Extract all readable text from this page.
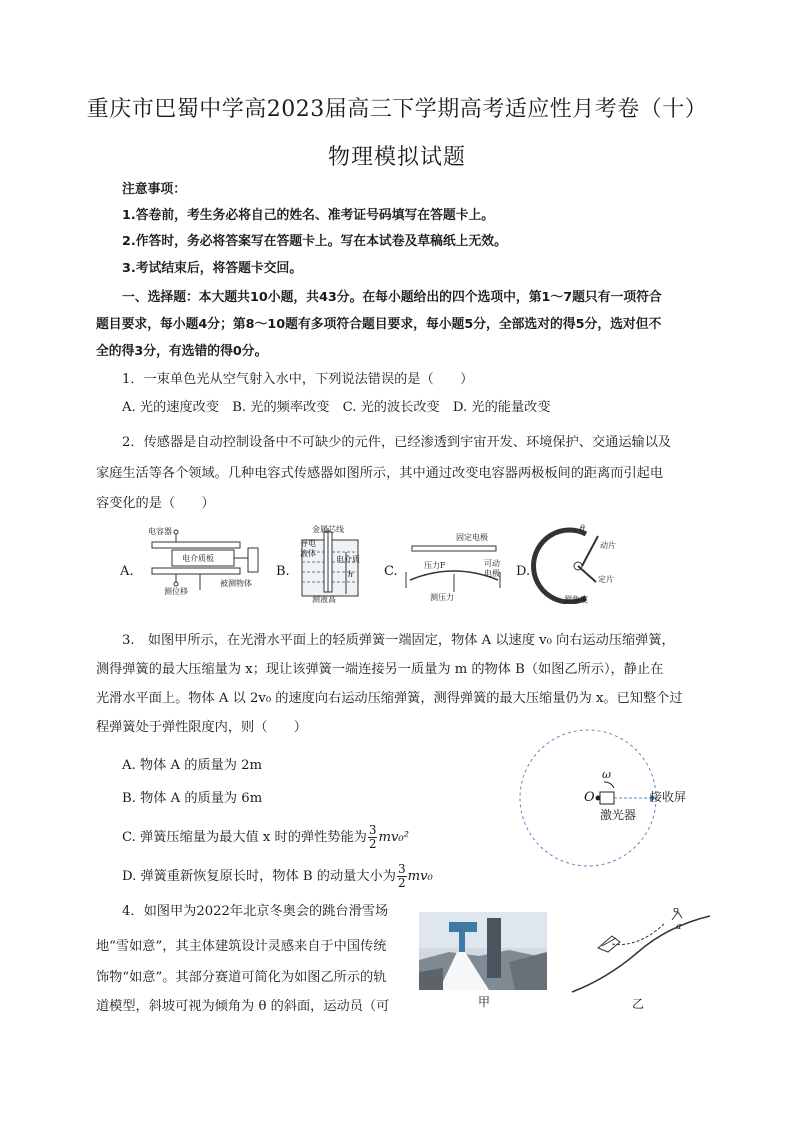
重庆市巴蜀中学高2023届高三下学期高考适应性月考卷（十）
物理模拟试题
注意事项：
1.答卷前，考生务必将自己的姓名、准考证号码填写在答题卡上。
2.作答时，务必将答案写在答题卡上。写在本试卷及草稿纸上无效。
3.考试结束后，将答题卡交回。
一、选择题：本大题共10小题，共43分。在每小题给出的四个选项中，第1～7题只有一项符合
题目要求，每小题4分；第8～10题有多项符合题目要求，每小题5分，全部选对的得5分，选对但不
全的得3分，有选错的得0分。
1．一束单色光从空气射入水中，下列说法错误的是（　　）
A. 光的速度改变　B. 光的频率改变　C. 光的波长改变　D. 光的能量改变
2．传感器是自动控制设备中不可缺少的元件，已经渗透到宇宙开发、环境保护、交通运输以及
家庭生活等各个领域。几种电容式传感器如图所示，其中通过改变电容器两极板间的距离而引起电
容变化的是（　　）
A.
电容器
电介质板
被测物体
测位移
B.
金属芯线
导电
液体
电介质
h
测液高
C.
固定电极
压力F	可动
电极
测压力
D.
θ
动片
定片
测角度
3.　如图甲所示，在光滑水平面上的轻质弹簧一端固定，物体 A 以速度 v₀ 向右运动压缩弹簧，
测得弹簧的最大压缩量为 x；现让该弹簧一端连接另一质量为 m 的物体 B（如图乙所示），静止在
光滑水平面上。物体 A 以 2v₀ 的速度向右运动压缩弹簧，测得弹簧的最大压缩量仍为 x。已知整个过
程弹簧处于弹性限度内，则（　　）
A. 物体 A 的质量为 2m
B. 物体 A 的质量为 6m
C. 弹簧压缩量为最大值 x 时的弹性势能为 $\frac{3}{2} mv_0^2$
D. 弹簧重新恢复原长时，物体 B 的动量大小为 $\frac{3}{2} mv_0$
ω
O
激光器
接收屏
4．如图甲为2022年北京冬奥会的跳台滑雪场
地“雪如意”，其主体建筑设计灵感来自于中国传统
饰物“如意”。其部分赛道可简化为如图乙所示的轨
道模型，斜坡可视为倾角为 θ 的斜面，运动员（可	甲
a
乙
